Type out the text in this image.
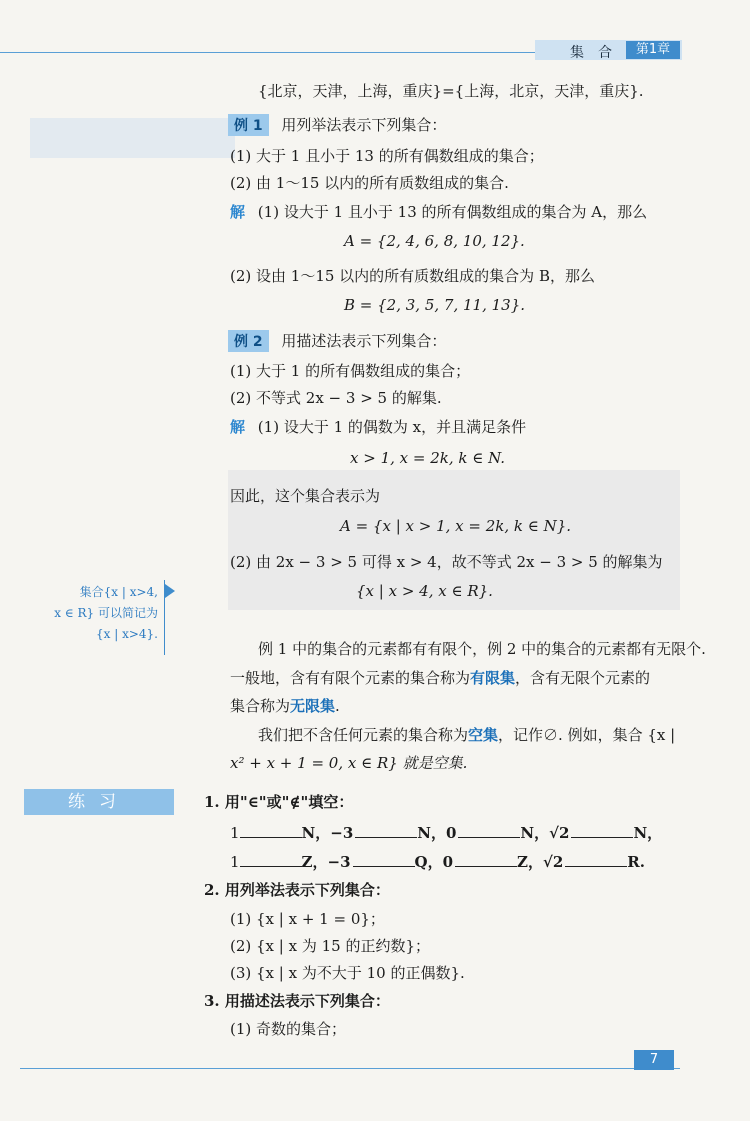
集　合	第1章
{北京，天津，上海，重庆}={上海，北京，天津，重庆}.
例 1 用列举法表示下列集合：
(1) 大于 1 且小于 13 的所有偶数组成的集合；
(2) 由 1～15 以内的所有质数组成的集合.
解 (1) 设大于 1 且小于 13 的所有偶数组成的集合为 A，那么
A = {2, 4, 6, 8, 10, 12}.
(2) 设由 1～15 以内的所有质数组成的集合为 B，那么
B = {2, 3, 5, 7, 11, 13}.
例 2 用描述法表示下列集合：
(1) 大于 1 的所有偶数组成的集合；
(2) 不等式 2x − 3 > 5 的解集.
解 (1) 设大于 1 的偶数为 x，并且满足条件
x > 1, x = 2k, k ∈ N.
因此，这个集合表示为
A = {x | x > 1, x = 2k, k ∈ N}.
(2) 由 2x − 3 > 5 可得 x > 4，故不等式 2x − 3 > 5 的解集为
{x | x > 4, x ∈ R}.
集合{x | x>4,
x ∈ R} 可以简记为
{x | x>4}.
例 1 中的集合的元素都有有限个，例 2 中的集合的元素都有无限个.
一般地，含有有限个元素的集合称为有限集，含有无限个元素的
集合称为无限集.
我们把不含任何元素的集合称为空集，记作∅. 例如，集合 {x |
x² + x + 1 = 0, x ∈ R} 就是空集.
练习	1. 用"∈"或"∉"填空：
1	N，−3	N，0	N，√2	N，
1	Z，−3	Q，0	Z，√2	R.
2. 用列举法表示下列集合：
(1) {x | x + 1 = 0}；
(2) {x | x 为 15 的正约数}；
(3) {x | x 为不大于 10 的正偶数}.
3. 用描述法表示下列集合：
(1) 奇数的集合；
7
